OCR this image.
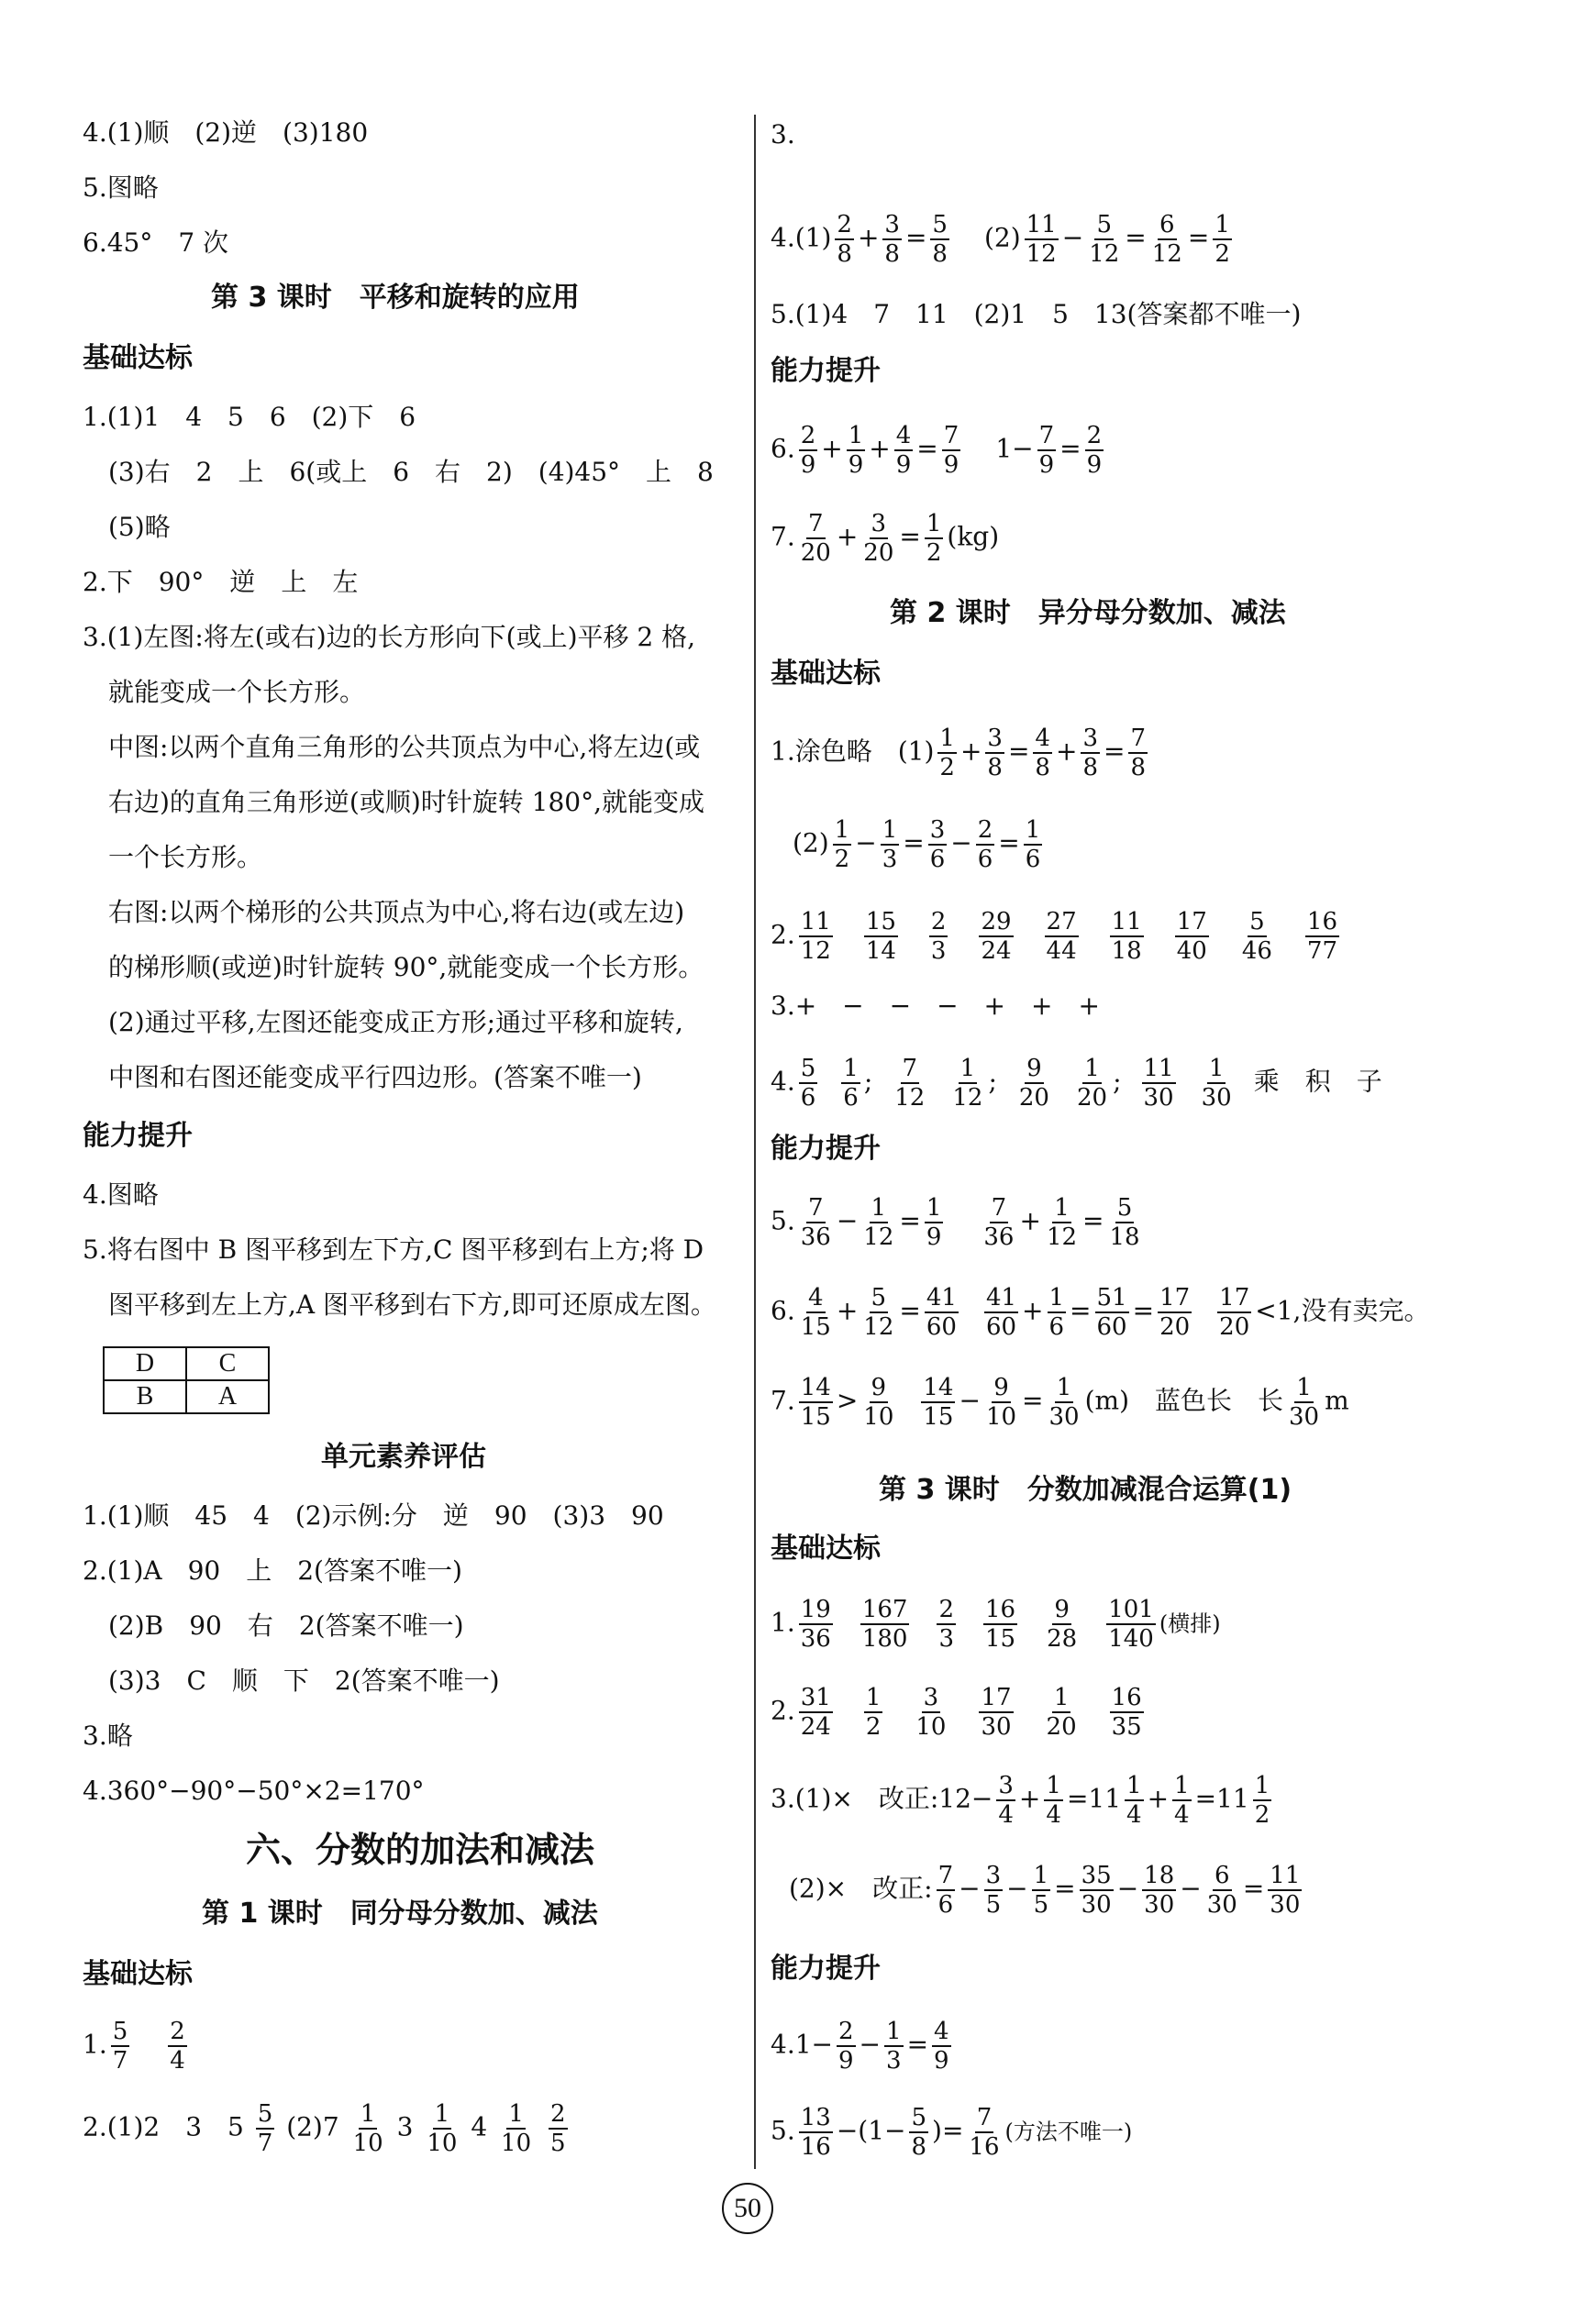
4.(1)顺　(2)逆　(3)180
5.图略
6.45°　7 次
第 3 课时　平移和旋转的应用
基础达标
1.(1)1　4　5　6　(2)下　6
(3)右　2　上　6(或上　6　右　2)　(4)45°　上　8
(5)略
2.下　90°　逆　上　左
3.(1)左图:将左(或右)边的长方形向下(或上)平移 2 格,
就能变成一个长方形。
中图:以两个直角三角形的公共顶点为中心,将左边(或
右边)的直角三角形逆(或顺)时针旋转 180°,就能变成
一个长方形。
右图:以两个梯形的公共顶点为中心,将右边(或左边)
的梯形顺(或逆)时针旋转 90°,就能变成一个长方形。
(2)通过平移,左图还能变成正方形;通过平移和旋转,
中图和右图还能变成平行四边形。(答案不唯一)
能力提升
4.图略
5.将右图中 B 图平移到左下方,C 图平移到右上方;将 D
图平移到左上方,A 图平移到右下方,即可还原成左图。
D	C
B	A
单元素养评估
1.(1)顺　45　4　(2)示例:分　逆　90　(3)3　90
2.(1)A　90　上　2(答案不唯一)
(2)B　90　右　2(答案不唯一)
(3)3　C　顺　下　2(答案不唯一)
3.略
4.360°−90°−50°×2=170°
六、分数的加法和减法
第 1 课时　同分母分数加、减法
基础达标
1. $\frac{5}{7} \frac{2}{4}$
2.(1)2　3　$5 \frac{5}{7} (2)7 \frac{1}{10} 3 \frac{1}{10} 4 \frac{1}{10}$
$\frac{2}{5}$
3.
$4.(1) \frac{2}{8} + \frac{3}{8} = \frac{5}{8} (2) \frac{11}{12} - \frac{5}{12} = \frac{6}{12} = \frac{1}{2}$
5.(1)4　7　11　(2)1　5　13(答案都不唯一)
能力提升
6. $\frac{2}{9} + \frac{1}{9} + \frac{4}{9} = \frac{7}{9} 1- \frac{7}{9} = \frac{2}{9}$
7. $\frac{7}{20} + \frac{3}{20} = \frac{1}{2} (kg)$
第 2 课时　异分母分数加、减法
基础达标
1.涂色略　$(1) \frac{1}{2} + \frac{3}{8} = \frac{4}{8} + \frac{3}{8} = \frac{7}{8}$
$(2) \frac{1}{2} - \frac{1}{3} = \frac{3}{6} - \frac{2}{6} = \frac{1}{6}$
2. $\frac{11}{12} \frac{15}{14} \frac{2}{3} \frac{29}{24} \frac{27}{44} \frac{11}{18} \frac{17}{40} \frac{5}{46} \frac{16}{77}$
3.+　−　−　−　+　+　+
4. $\frac{5}{6} \frac{1}{6}$ ; $\frac{7}{12} \frac{1}{12}$ ; $\frac{9}{20} \frac{1}{20}$ ; $\frac{11}{30} \frac{1}{30}$ 乘　积　子
能力提升
5. $\frac{7}{36} - \frac{1}{12} = \frac{1}{9} \frac{7}{36} + \frac{1}{12} = \frac{5}{18}$
6. $\frac{4}{15} + \frac{5}{12} = \frac{41}{60} \frac{41}{60} + \frac{1}{6} = \frac{51}{60} = \frac{17}{20} \frac{17}{20} <1$,没有卖完。
7. $\frac{14}{15} > \frac{9}{10} \frac{14}{15} - \frac{9}{10} = \frac{1}{30} (m)$　蓝色长　长 $\frac{1}{30}$ m
第 3 课时　分数加减混合运算(1)
基础达标
1. $\frac{19}{36} \frac{167}{180} \frac{2}{3} \frac{16}{15} \frac{9}{28} \frac{101}{140}$ (横排)
2. $\frac{31}{24} \frac{1}{2} \frac{3}{10} \frac{17}{30} \frac{1}{20} \frac{16}{35}$
3.(1)×　改正:12− $\frac{3}{4} + \frac{1}{4} =11 \frac{1}{4} + \frac{1}{4} =11 \frac{1}{2}$
(2)×　改正: $\frac{7}{6} - \frac{3}{5} - \frac{1}{5} = \frac{35}{30} - \frac{18}{30} - \frac{6}{30} = \frac{11}{30}$
能力提升
$4.1- \frac{2}{9} - \frac{1}{3} = \frac{4}{9}$
5. $\frac{13}{16} -(1- \frac{5}{8}$ )= $\frac{7}{16}$ (方法不唯一)
50
